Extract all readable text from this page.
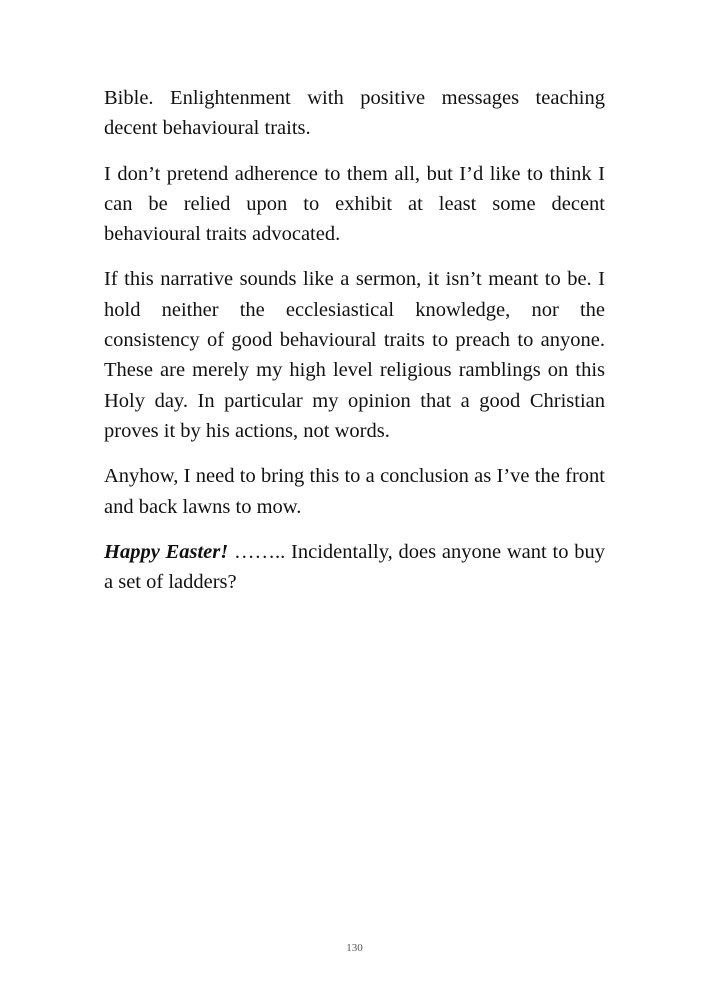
Bible. Enlightenment with positive messages teaching decent behavioural traits.

I don’t pretend adherence to them all, but I’d like to think I can be relied upon to exhibit at least some decent behavioural traits advocated.

If this narrative sounds like a sermon, it isn’t meant to be. I hold neither the ecclesiastical knowledge, nor the consistency of good behavioural traits to preach to anyone. These are merely my high level religious ramblings on this Holy day. In particular my opinion that a good Christian proves it by his actions, not words.

Anyhow, I need to bring this to a conclusion as I’ve the front and back lawns to mow.

Happy Easter! …….. Incidentally, does anyone want to buy a set of ladders?

130
